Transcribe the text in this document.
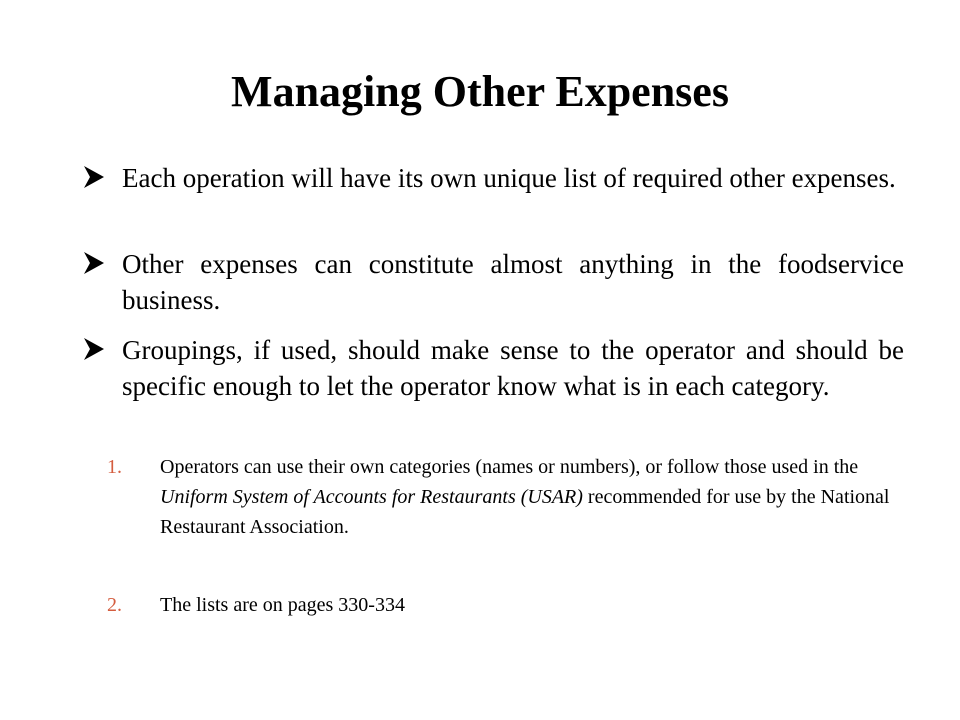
Managing Other Expenses
Each operation will have its own unique list of required other expenses.
Other expenses can constitute almost anything in the foodservice business.
Groupings, if used, should make sense to the operator and should be specific enough to let the operator know what is in each category.
1. Operators can use their own categories (names or numbers), or follow those used in the Uniform System of Accounts for Restaurants (USAR) recommended for use by the National Restaurant Association.
2. The lists are on pages 330-334
